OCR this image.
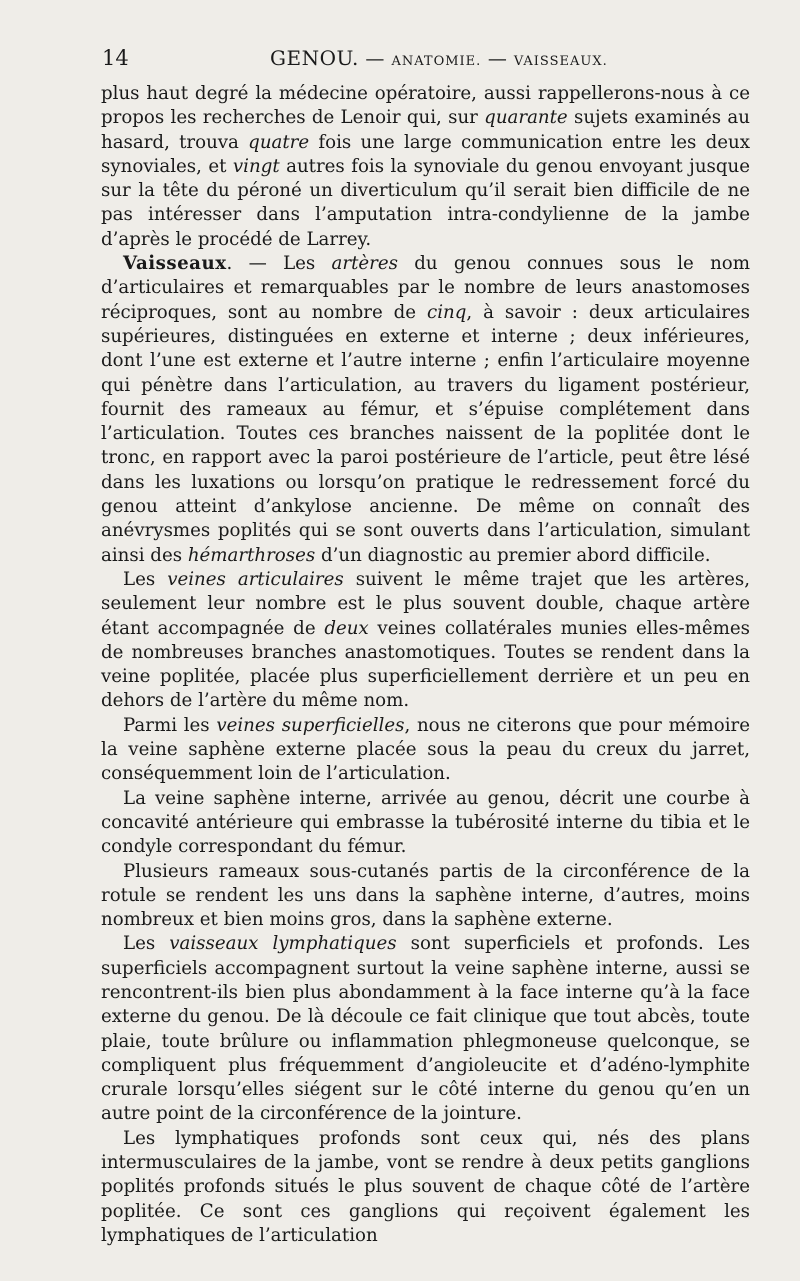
14	GENOU. — ANATOMIE. — VAISSEAUX.

plus haut degré la médecine opératoire, aussi rappellerons-nous à ce propos les recherches de Lenoir qui, sur quarante sujets examinés au hasard, trouva quatre fois une large communication entre les deux synoviales, et vingt autres fois la synoviale du genou envoyant jusque sur la tête du péroné un diverticulum qu’il serait bien difficile de ne pas intéresser dans l’amputation intra-condylienne de la jambe d’après le procédé de Larrey.

Vaisseaux. — Les artères du genou connues sous le nom d’articulaires et remarquables par le nombre de leurs anastomoses réciproques, sont au nombre de cinq, à savoir : deux articulaires supérieures, distinguées en externe et interne ; deux inférieures, dont l’une est externe et l’autre interne ; enfin l’articulaire moyenne qui pénètre dans l’articulation, au travers du ligament postérieur, fournit des rameaux au fémur, et s’épuise complétement dans l’articulation. Toutes ces branches naissent de la poplitée dont le tronc, en rapport avec la paroi postérieure de l’article, peut être lésé dans les luxations ou lorsqu’on pratique le redressement forcé du genou atteint d’ankylose ancienne. De même on connaît des anévrysmes poplités qui se sont ouverts dans l’articulation, simulant ainsi des hémarthroses d’un diagnostic au premier abord difficile.

Les veines articulaires suivent le même trajet que les artères, seulement leur nombre est le plus souvent double, chaque artère étant accompagnée de deux veines collatérales munies elles-mêmes de nombreuses branches anastomotiques. Toutes se rendent dans la veine poplitée, placée plus superficiellement derrière et un peu en dehors de l’artère du même nom.

Parmi les veines superficielles, nous ne citerons que pour mémoire la veine saphène externe placée sous la peau du creux du jarret, conséquemment loin de l’articulation.

La veine saphène interne, arrivée au genou, décrit une courbe à concavité antérieure qui embrasse la tubérosité interne du tibia et le condyle correspondant du fémur.

Plusieurs rameaux sous-cutanés partis de la circonférence de la rotule se rendent les uns dans la saphène interne, d’autres, moins nombreux et bien moins gros, dans la saphène externe.

Les vaisseaux lymphatiques sont superficiels et profonds. Les superficiels accompagnent surtout la veine saphène interne, aussi se rencontrent-ils bien plus abondamment à la face interne qu’à la face externe du genou. De là découle ce fait clinique que tout abcès, toute plaie, toute brûlure ou inflammation phlegmoneuse quelconque, se compliquent plus fréquemment d’angioleucite et d’adéno-lymphite crurale lorsqu’elles siégent sur le côté interne du genou qu’en un autre point de la circonférence de la jointure.

Les lymphatiques profonds sont ceux qui, nés des plans intermusculaires de la jambe, vont se rendre à deux petits ganglions poplités profonds situés le plus souvent de chaque côté de l’artère poplitée. Ce sont ces ganglions qui reçoivent également les lymphatiques de l’articulation
